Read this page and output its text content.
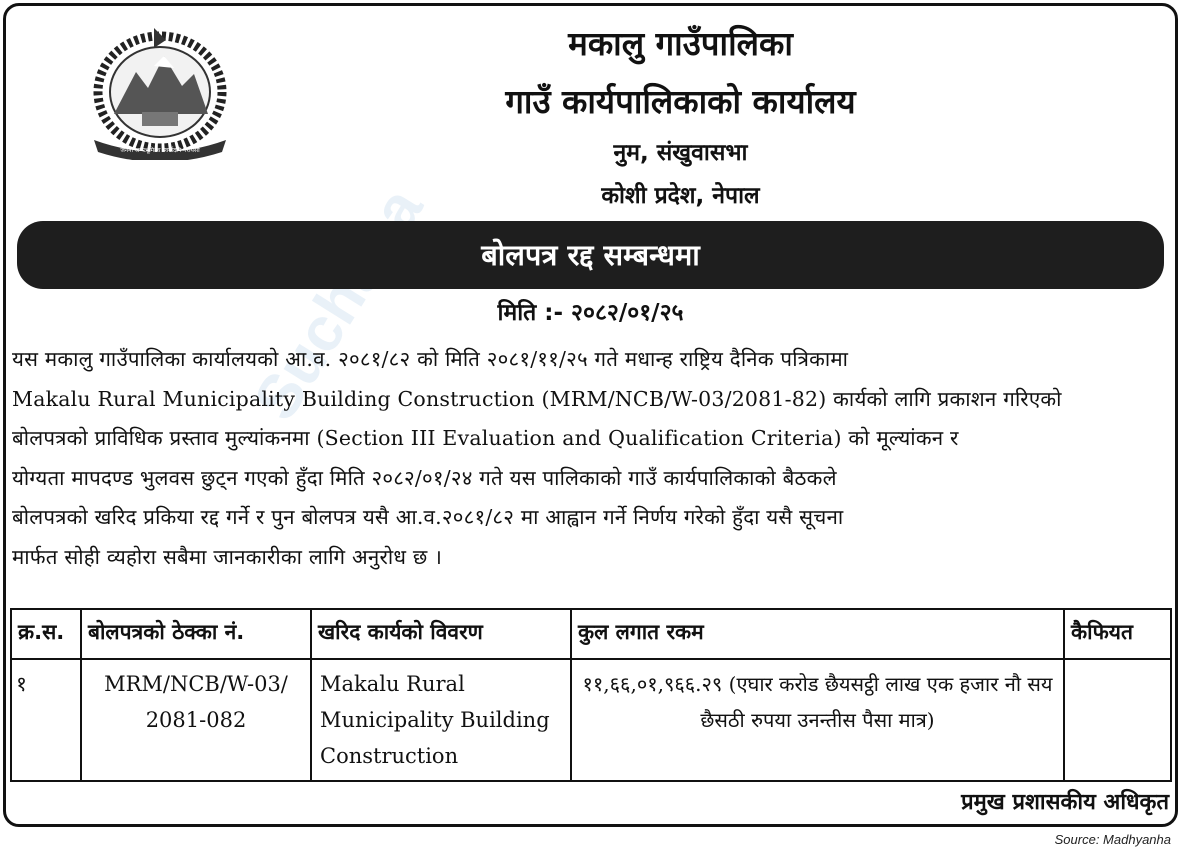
जननी जन्मभूमिश्च स्वर्गादपि गरीयसी
मकालु गाउँपालिका
गाउँ कार्यपालिकाको कार्यालय
नुम, संखुवासभा
कोशी प्रदेश, नेपाल
बोलपत्र रद्द सम्बन्धमा
मिति :- २०८२/०१/२५
यस मकालु गाउँपालिका कार्यालयको आ.व. २०८१/८२ को मिति २०८१/११/२५ गते मधान्ह राष्ट्रिय दैनिक पत्रिकामा
Makalu Rural Municipality Building Construction (MRM/NCB/W-03/2081-82) कार्यको लागि प्रकाशन गरिएको
बोलपत्रको प्राविधिक प्रस्ताव मुल्यांकनमा (Section III Evaluation and Qualification Criteria) को मूल्यांकन र
योग्यता मापदण्ड भुलवस छुट्न गएको हुँदा मिति २०८२/०१/२४ गते यस पालिकाको गाउँ कार्यपालिकाको बैठकले
बोलपत्रको खरिद प्रकिया रद्द गर्ने र पुन बोलपत्र यसै आ.व.२०८१/८२ मा आह्वान गर्ने निर्णय गरेको हुँदा यसै सूचना
मार्फत सोही व्यहोरा सबैमा जानकारीका लागि अनुरोध छ ।
क्र.स.	बोलपत्रको ठेक्का नं.	खरिद कार्यको विवरण	कुल लगात रकम	कैफियत
१	MRM/NCB/W-03/ 2081-082	Makalu Rural Municipality Building Construction	११,६६,०१,९६६.२९ (एघार करोड छैयसट्ठी लाख एक हजार नौ सय छैसठी रुपया उनन्तीस पैसा मात्र)	
प्रमुख प्रशासकीय अधिकृत
Source: Madhyanha
